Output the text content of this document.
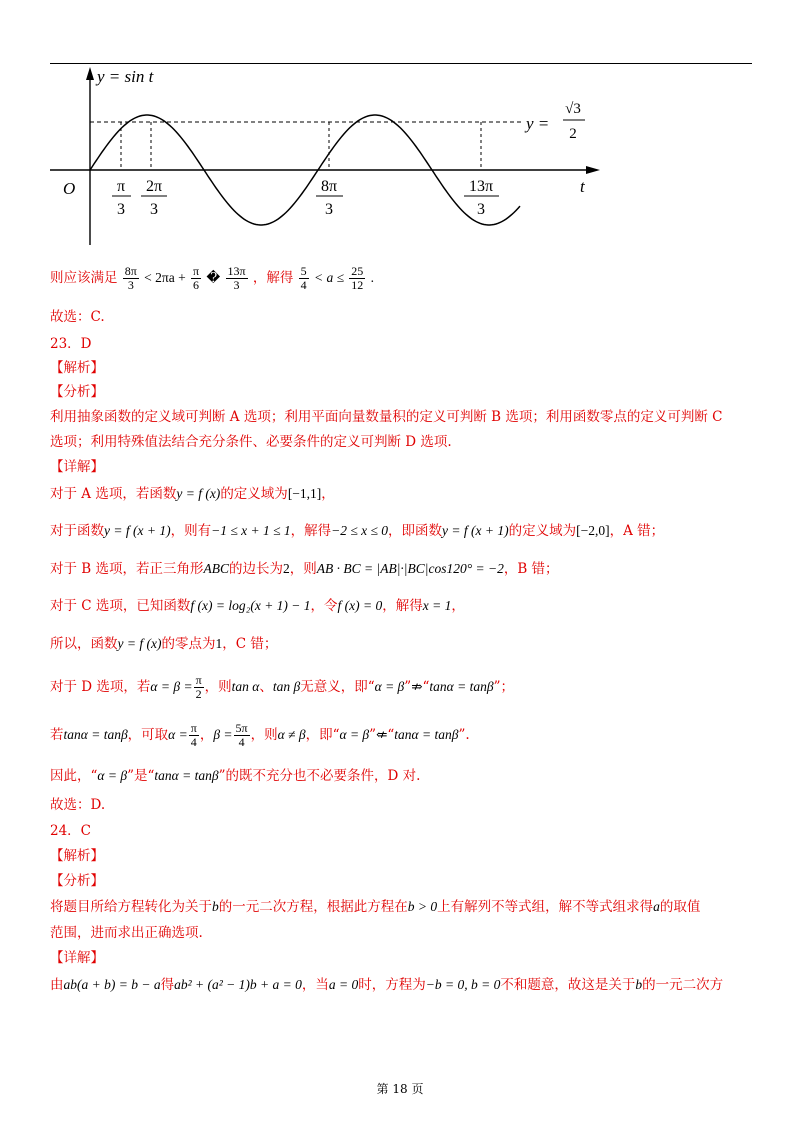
y = sin t
O	t
y =
√3
2
π
3
2π
3
8π
3
13π
3
则应该满足 $\frac{8\pi}{3} < 2\pi a + \frac{\pi}{6}$ � $\frac{13\pi}{3}$ ，解得 $\frac{5}{4} < a \le \frac{25}{12}$ .
故选：C.
23．D
【解析】
【分析】
利用抽象函数的定义域可判断 A 选项；利用平面向量数量积的定义可判断 B 选项；利用函数零点的定义可判断 C
选项；利用特殊值法结合充分条件、必要条件的定义可判断 D 选项.
【详解】
对于 A 选项，若函数y = f (x)的定义域为[−1,1]，
对于函数y = f (x + 1)，则有−1 ≤ x + 1 ≤ 1，解得−2 ≤ x ≤ 0，即函数y = f (x + 1)的定义域为[−2,0]，A 错；
对于 B 选项，若正三角形ABC的边长为2，则AB · BC = |AB|·|BC|cos120° = −2，B 错；
对于 C 选项，已知函数f (x) = log₂(x + 1) − 1，令f (x) = 0，解得x = 1，
所以，函数y = f (x)的零点为1，C 错；
对于 D 选项，若$\alpha = \beta = \frac{\pi}{2}$ ，则tan α、tan β无意义，即“α = β”⇏“tanα = tanβ”；
若tanα = tanβ，可取$\alpha = \frac{\pi}{4}$ ，$\beta = \frac{5\pi}{4}$ ，则α ≠ β，即“α = β”⇍“tanα = tanβ”.
因此，“α = β”是“tanα = tanβ”的既不充分也不必要条件，D 对.
故选：D.
24．C
【解析】
【分析】
将题目所给方程转化为关于b的一元二次方程，根据此方程在b > 0上有解列不等式组，解不等式组求得a的取值
范围，进而求出正确选项.
【详解】
由ab(a + b) = b − a得ab² + (a² − 1)b + a = 0，当a = 0时，方程为−b = 0, b = 0不和题意，故这是关于b的一元二次方
第 18 页
